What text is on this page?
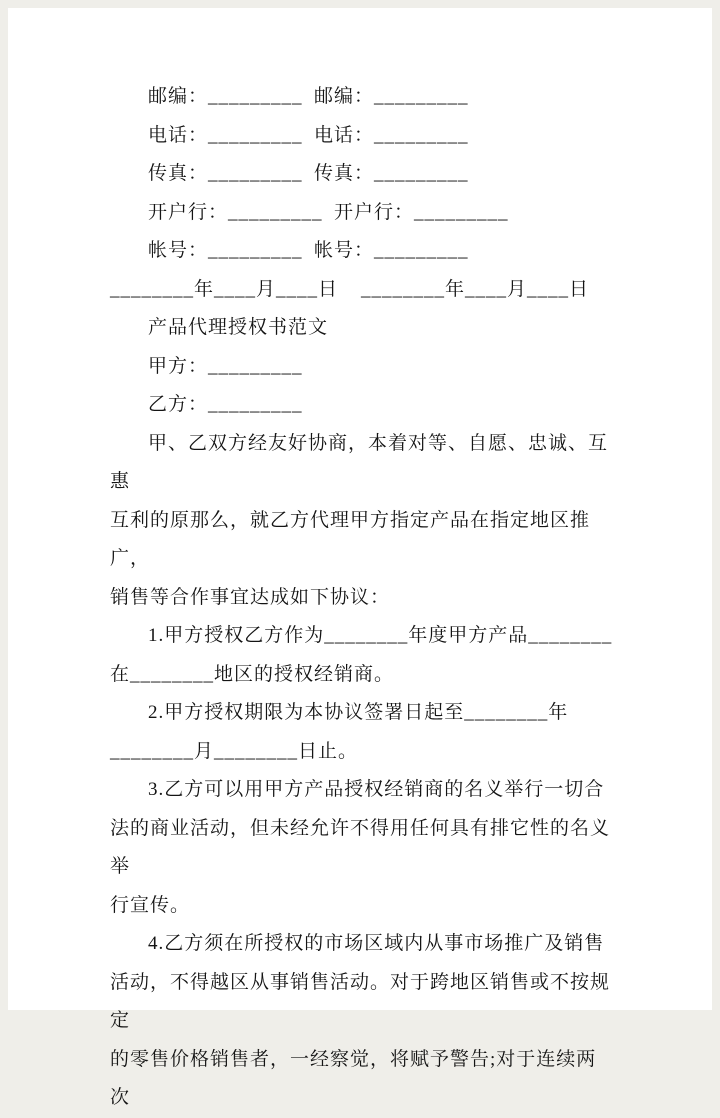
邮编：_________  邮编：_________

电话：_________  电话：_________

传真：_________  传真：_________

开户行：_________  开户行：_________

帐号：_________  帐号：_________

________年____月____日    ________年____月____日

产品代理授权书范文

甲方：_________

乙方：_________

甲、乙双方经友好协商，本着对等、自愿、忠诚、互惠

互利的原那么，就乙方代理甲方指定产品在指定地区推广，

销售等合作事宜达成如下协议：

1.甲方授权乙方作为________年度甲方产品________

在________地区的授权经销商。

2.甲方授权期限为本协议签署日起至________年

________月________日止。

3.乙方可以用甲方产品授权经销商的名义举行一切合

法的商业活动，但未经允许不得用任何具有排它性的名义举

行宣传。

4.乙方须在所授权的市场区域内从事市场推广及销售

活动，不得越区从事销售活动。对于跨地区销售或不按规定

的零售价格销售者，一经察觉，将赋予警告;对于连续两次
